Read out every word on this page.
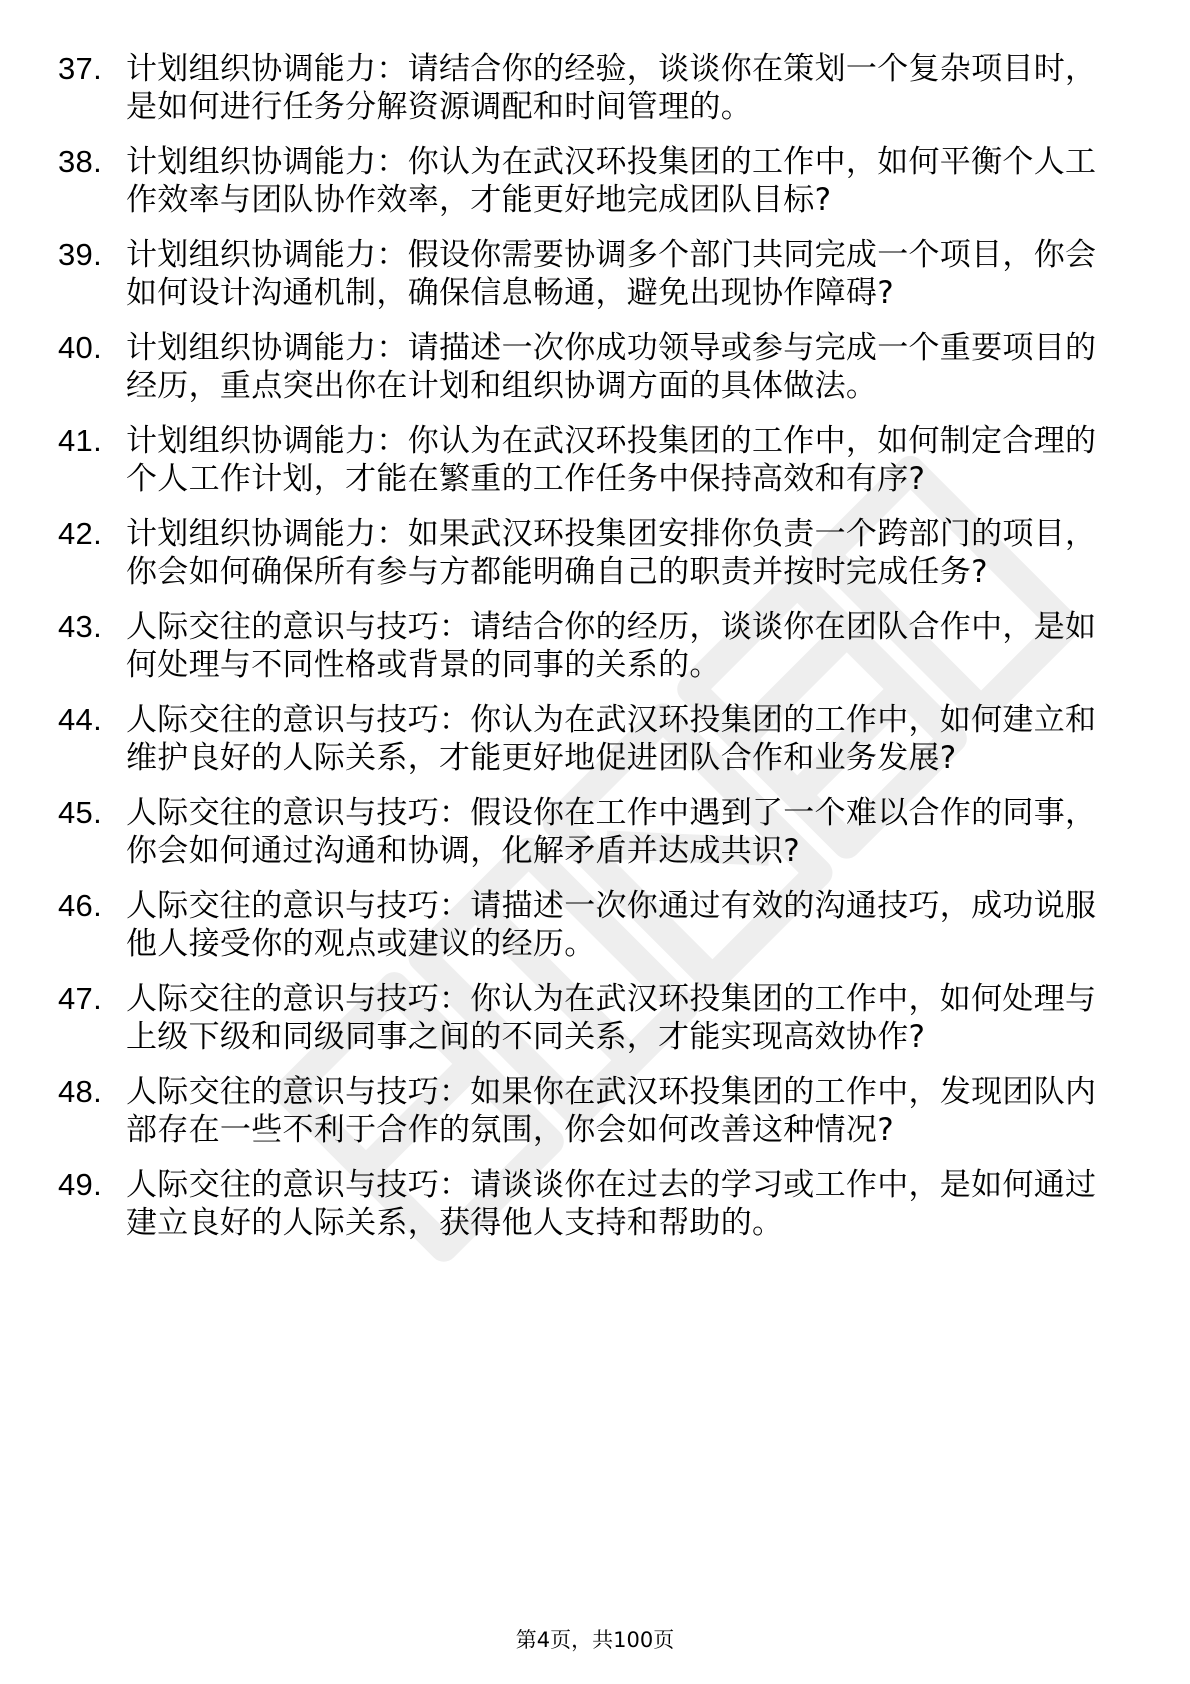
37. 计划组织协调能力：请结合你的经验，谈谈你在策划一个复杂项目时，是如何进行任务分解资源调配和时间管理的。
38. 计划组织协调能力：你认为在武汉环投集团的工作中，如何平衡个人工作效率与团队协作效率，才能更好地完成团队目标?
39. 计划组织协调能力：假设你需要协调多个部门共同完成一个项目，你会如何设计沟通机制，确保信息畅通，避免出现协作障碍?
40. 计划组织协调能力：请描述一次你成功领导或参与完成一个重要项目的经历，重点突出你在计划和组织协调方面的具体做法。
41. 计划组织协调能力：你认为在武汉环投集团的工作中，如何制定合理的个人工作计划，才能在繁重的工作任务中保持高效和有序?
42. 计划组织协调能力：如果武汉环投集团安排你负责一个跨部门的项目，你会如何确保所有参与方都能明确自己的职责并按时完成任务?
43. 人际交往的意识与技巧：请结合你的经历，谈谈你在团队合作中，是如何处理与不同性格或背景的同事的关系的。
44. 人际交往的意识与技巧：你认为在武汉环投集团的工作中，如何建立和维护良好的人际关系，才能更好地促进团队合作和业务发展?
45. 人际交往的意识与技巧：假设你在工作中遇到了一个难以合作的同事，你会如何通过沟通和协调，化解矛盾并达成共识?
46. 人际交往的意识与技巧：请描述一次你通过有效的沟通技巧，成功说服他人接受你的观点或建议的经历。
47. 人际交往的意识与技巧：你认为在武汉环投集团的工作中，如何处理与上级下级和同级同事之间的不同关系，才能实现高效协作?
48. 人际交往的意识与技巧：如果你在武汉环投集团的工作中，发现团队内部存在一些不利于合作的氛围，你会如何改善这种情况?
49. 人际交往的意识与技巧：请谈谈你在过去的学习或工作中，是如何通过建立良好的人际关系，获得他人支持和帮助的。
第4页，共100页
